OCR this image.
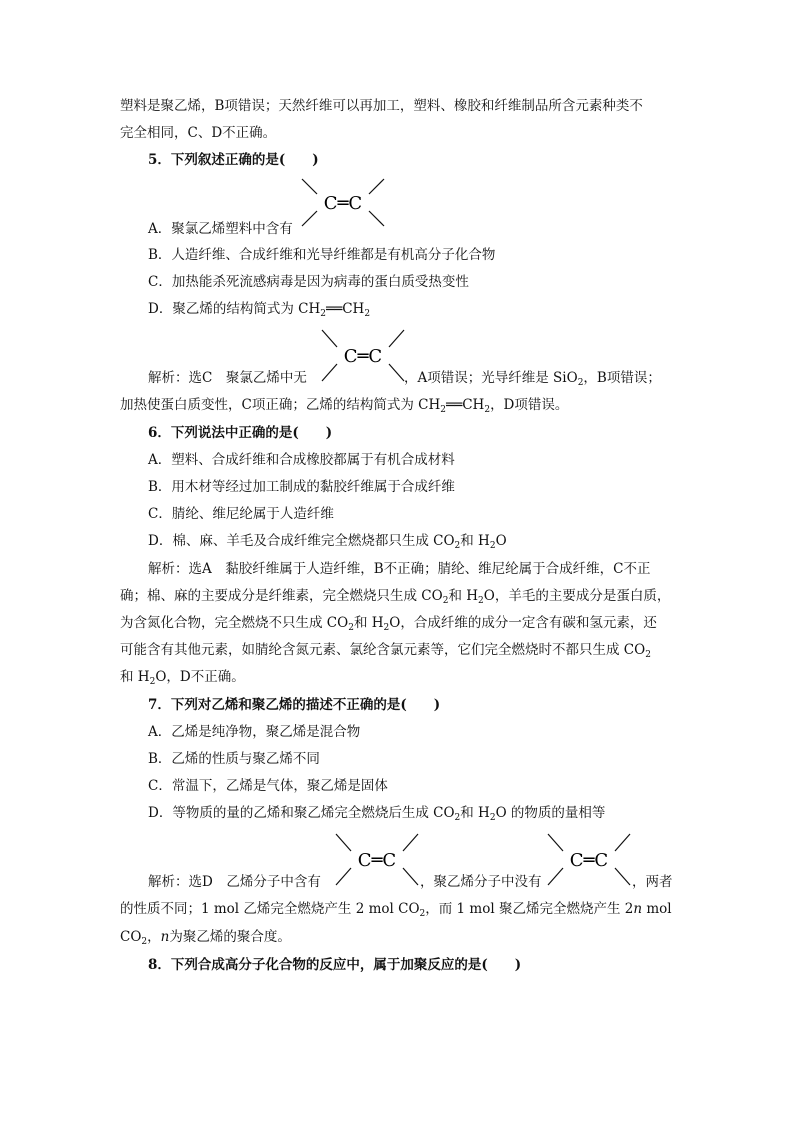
塑料是聚乙烯，B项错误；天然纤维可以再加工，塑料、橡胶和纤维制品所含元素种类不
完全相同，C、D不正确。
5．下列叙述正确的是(　　)
C═C
A．聚氯乙烯塑料中含有
B．人造纤维、合成纤维和光导纤维都是有机高分子化合物
C．加热能杀死流感病毒是因为病毒的蛋白质受热变性
D．聚乙烯的结构简式为 $CH_2══CH_2$
C═C
解析：选C　聚氯乙烯中无	，A项错误；光导纤维是 SiO$_2$，B项错误；
加热使蛋白质变性，C项正确；乙烯的结构简式为 $CH_2══CH_2$，D项错误。
6．下列说法中正确的是(　　)
A．塑料、合成纤维和合成橡胶都属于有机合成材料
B．用木材等经过加工制成的黏胶纤维属于合成纤维
C．腈纶、维尼纶属于人造纤维
D．棉、麻、羊毛及合成纤维完全燃烧都只生成 $CO_2$和 $H_2O$
解析：选A　黏胶纤维属于人造纤维，B不正确；腈纶、维尼纶属于合成纤维，C不正
确；棉、麻的主要成分是纤维素，完全燃烧只生成 $CO_2$和 $H_2O$，羊毛的主要成分是蛋白质，
为含氮化合物，完全燃烧不只生成 $CO_2$和 $H_2O$，合成纤维的成分一定含有碳和氢元素，还
可能含有其他元素，如腈纶含氮元素、氯纶含氯元素等，它们完全燃烧时不都只生成 $CO_2$
和 $H_2O$，D不正确。
7．下列对乙烯和聚乙烯的描述不正确的是(　　)
A．乙烯是纯净物，聚乙烯是混合物
B．乙烯的性质与聚乙烯不同
C．常温下，乙烯是气体，聚乙烯是固体
D．等物质的量的乙烯和聚乙烯完全燃烧后生成 $CO_2$和 $H_2O$ 的物质的量相等
C═C	C═C
解析：选D　乙烯分子中含有	，聚乙烯分子中没有	，两者
的性质不同；1 mol 乙烯完全燃烧产生 2 mol $CO_2$，而 1 mol 聚乙烯完全燃烧产生 2n mol
$CO_2$，n为聚乙烯的聚合度。
8．下列合成高分子化合物的反应中，属于加聚反应的是(　　)
